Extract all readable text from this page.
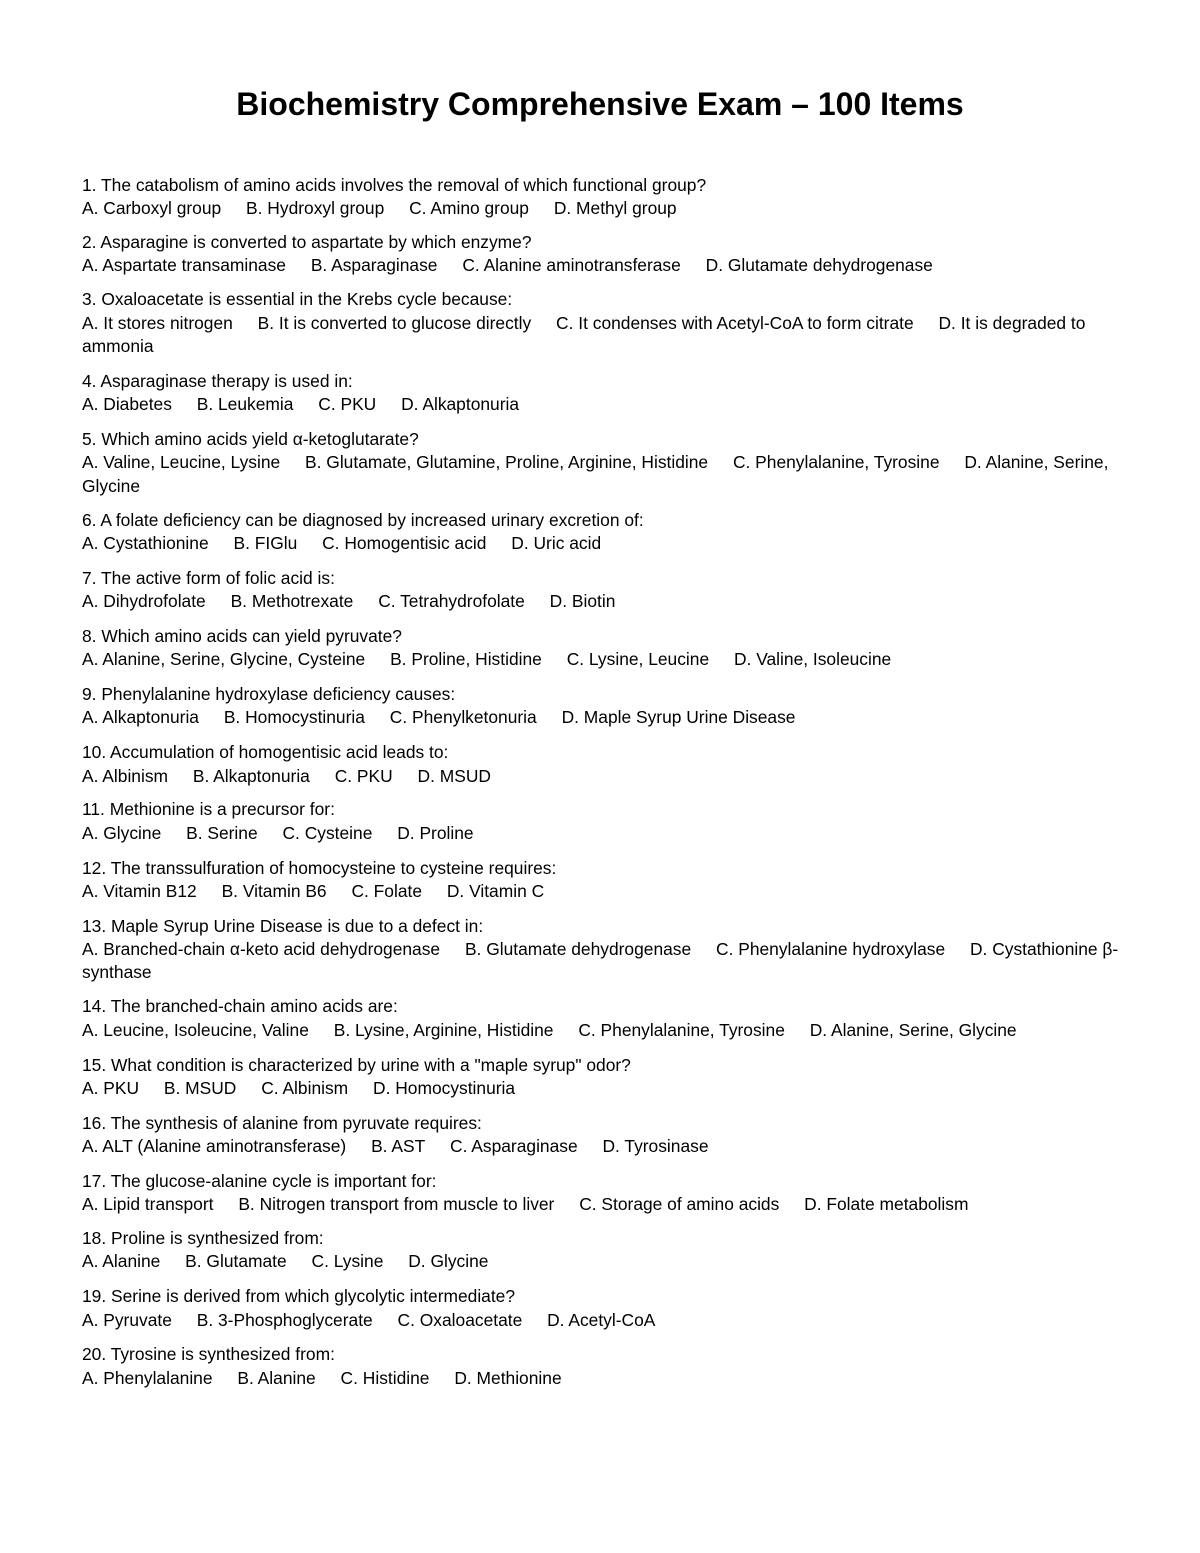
Biochemistry Comprehensive Exam – 100 Items
1. The catabolism of amino acids involves the removal of which functional group?
A. Carboxyl group B. Hydroxyl group C. Amino group D. Methyl group
2. Asparagine is converted to aspartate by which enzyme?
A. Aspartate transaminase B. Asparaginase C. Alanine aminotransferase D. Glutamate dehydrogenase
3. Oxaloacetate is essential in the Krebs cycle because:
A. It stores nitrogen B. It is converted to glucose directly C. It condenses with Acetyl-CoA to form citrate D. It is degraded to ammonia
4. Asparaginase therapy is used in:
A. Diabetes B. Leukemia C. PKU D. Alkaptonuria
5. Which amino acids yield α-ketoglutarate?
A. Valine, Leucine, Lysine B. Glutamate, Glutamine, Proline, Arginine, Histidine C. Phenylalanine, Tyrosine D. Alanine, Serine, Glycine
6. A folate deficiency can be diagnosed by increased urinary excretion of:
A. Cystathionine B. FIGlu C. Homogentisic acid D. Uric acid
7. The active form of folic acid is:
A. Dihydrofolate B. Methotrexate C. Tetrahydrofolate D. Biotin
8. Which amino acids can yield pyruvate?
A. Alanine, Serine, Glycine, Cysteine B. Proline, Histidine C. Lysine, Leucine D. Valine, Isoleucine
9. Phenylalanine hydroxylase deficiency causes:
A. Alkaptonuria B. Homocystinuria C. Phenylketonuria D. Maple Syrup Urine Disease
10. Accumulation of homogentisic acid leads to:
A. Albinism B. Alkaptonuria C. PKU D. MSUD
11. Methionine is a precursor for:
A. Glycine B. Serine C. Cysteine D. Proline
12. The transsulfuration of homocysteine to cysteine requires:
A. Vitamin B12 B. Vitamin B6 C. Folate D. Vitamin C
13. Maple Syrup Urine Disease is due to a defect in:
A. Branched-chain α-keto acid dehydrogenase B. Glutamate dehydrogenase C. Phenylalanine hydroxylase D. Cystathionine β-synthase
14. The branched-chain amino acids are:
A. Leucine, Isoleucine, Valine B. Lysine, Arginine, Histidine C. Phenylalanine, Tyrosine D. Alanine, Serine, Glycine
15. What condition is characterized by urine with a "maple syrup" odor?
A. PKU B. MSUD C. Albinism D. Homocystinuria
16. The synthesis of alanine from pyruvate requires:
A. ALT (Alanine aminotransferase) B. AST C. Asparaginase D. Tyrosinase
17. The glucose-alanine cycle is important for:
A. Lipid transport B. Nitrogen transport from muscle to liver C. Storage of amino acids D. Folate metabolism
18. Proline is synthesized from:
A. Alanine B. Glutamate C. Lysine D. Glycine
19. Serine is derived from which glycolytic intermediate?
A. Pyruvate B. 3-Phosphoglycerate C. Oxaloacetate D. Acetyl-CoA
20. Tyrosine is synthesized from:
A. Phenylalanine B. Alanine C. Histidine D. Methionine
